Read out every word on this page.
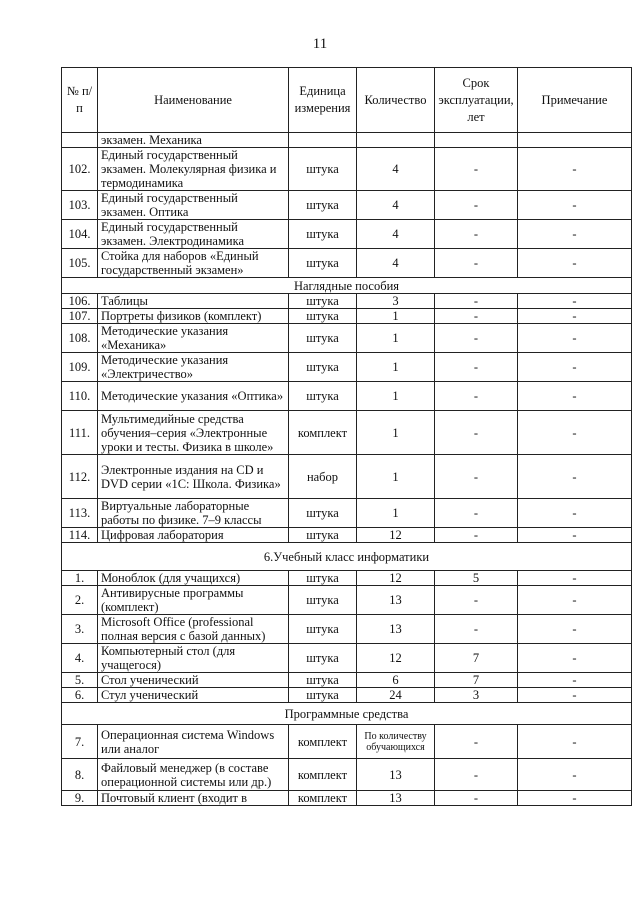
11
№ п/п	Наименование	Единица измерения	Количество	Срок эксплуатации, лет	Примечание
	экзамен. Механика				
102.	Единый государственный экзамен. Молекулярная физика и термодинамика	штука	4	-	-
103.	Единый государственный экзамен. Оптика	штука	4	-	-
104.	Единый государственный экзамен. Электродинамика	штука	4	-	-
105.	Стойка для наборов «Единый государственный экзамен»	штука	4	-	-
Наглядные пособия					
106.	Таблицы	штука	3	-	-
107.	Портреты физиков (комплект)	штука	1	-	-
108.	Методические указания «Механика»	штука	1	-	-
109.	Методические указания «Электричество»	штука	1	-	-
110.	Методические указания «Оптика»	штука	1	-	-
111.	Мультимедийные средства обучения–серия «Электронные уроки и тесты. Физика в школе»	комплект	1	-	-
112.	Электронные издания на CD и DVD серии «1С: Школа. Физика»	набор	1	-	-
113.	Виртуальные лабораторные работы по физике. 7–9 классы	штука	1	-	-
114.	Цифровая лаборатория	штука	12	-	-
6.Учебный класс информатики					
1.	Моноблок (для учащихся)	штука	12	5	-
2.	Антивирусные программы (комплект)	штука	13	-	-
3.	Microsoft Office (professional полная версия с базой данных)	штука	13	-	-
4.	Компьютерный стол (для учащегося)	штука	12	7	-
5.	Стол ученический	штука	6	7	-
6.	Стул ученический	штука	24	3	-
Программные средства					
7.	Операционная система Windows или аналог	комплект	По количеству обучающихся	-	-
8.	Файловый менеджер (в составе операционной системы или др.)	комплект	13	-	-
9.	Почтовый клиент (входит в	комплект	13	-	-
